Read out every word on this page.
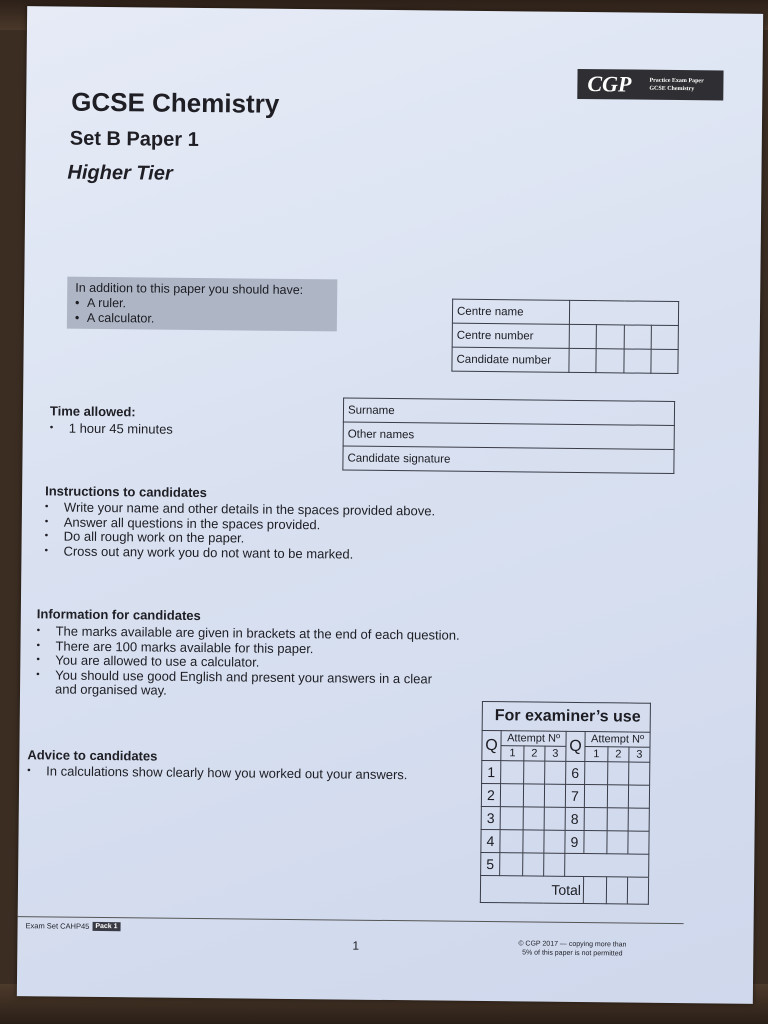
CGP	Practice Exam Paper
GCSE Chemistry
GCSE Chemistry
Set B Paper 1
Higher Tier
In addition to this paper you should have:
• A ruler.
• A calculator.	Centre name				
Centre number				
Candidate number				
Time allowed:
• 1 hour 45 minutes
Surname
Other names
Candidate signature
Instructions to candidates
• Write your name and other details in the spaces provided above.
• Answer all questions in the spaces provided.
• Do all rough work on the paper.
• Cross out any work you do not want to be marked.
Information for candidates
• The marks available are given in brackets at the end of each question.
• There are 100 marks available for this paper.
• You are allowed to use a calculator.
• You should use good English and present your answers in a clear and organised way.
Advice to candidates
• In calculations show clearly how you worked out your answers.
For examiner’s use							
Q	Attempt Nº			Q	Attempt Nº		
	1	2	3		1	2	3
1				6			
2				7			
3				8			
4				9			
5							
Total							
Exam Set CAHP45 Pack 1
1	© CGP 2017 — copying more than
5% of this paper is not permitted
